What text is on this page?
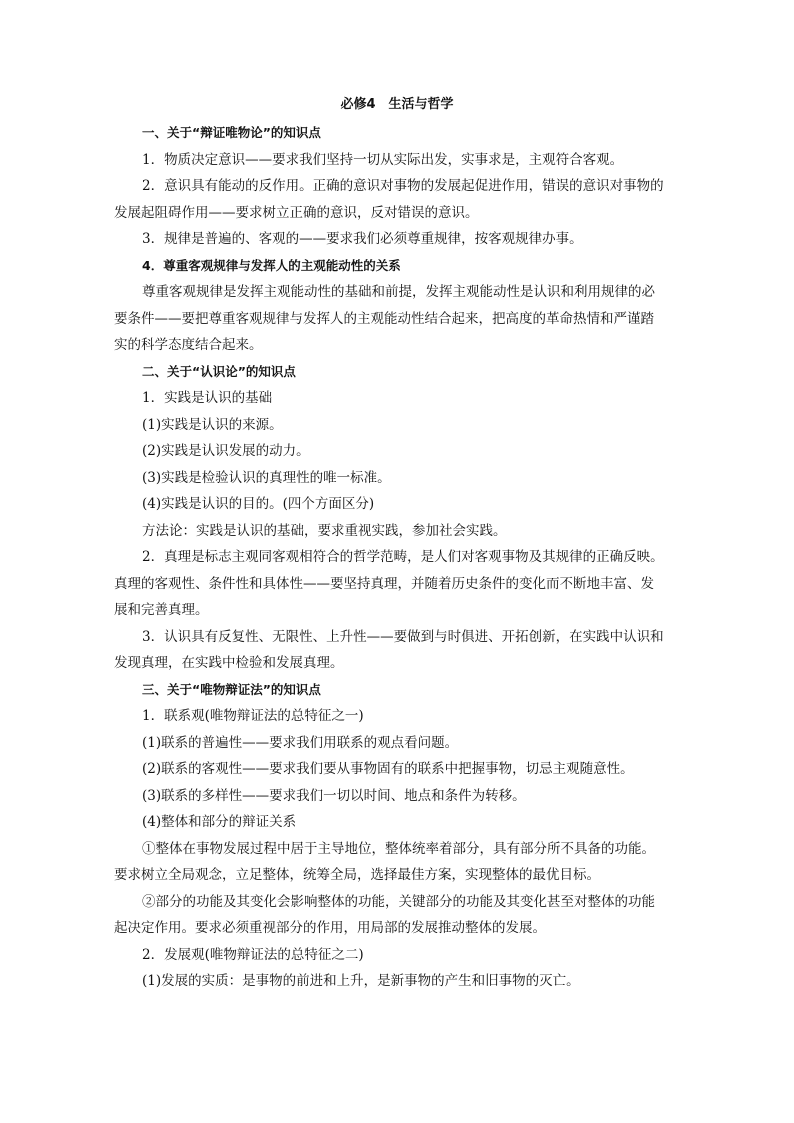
必修4　生活与哲学
一、关于“辩证唯物论”的知识点
1．物质决定意识——要求我们坚持一切从实际出发，实事求是，主观符合客观。
2．意识具有能动的反作用。正确的意识对事物的发展起促进作用，错误的意识对事物的
发展起阻碍作用——要求树立正确的意识，反对错误的意识。
3．规律是普遍的、客观的——要求我们必须尊重规律，按客观规律办事。
4．尊重客观规律与发挥人的主观能动性的关系
尊重客观规律是发挥主观能动性的基础和前提，发挥主观能动性是认识和利用规律的必
要条件——要把尊重客观规律与发挥人的主观能动性结合起来，把高度的革命热情和严谨踏
实的科学态度结合起来。
二、关于“认识论”的知识点
1．实践是认识的基础
(1)实践是认识的来源。
(2)实践是认识发展的动力。
(3)实践是检验认识的真理性的唯一标准。
(4)实践是认识的目的。(四个方面区分)
方法论：实践是认识的基础，要求重视实践，参加社会实践。
2．真理是标志主观同客观相符合的哲学范畴，是人们对客观事物及其规律的正确反映。
真理的客观性、条件性和具体性——要坚持真理，并随着历史条件的变化而不断地丰富、发
展和完善真理。
3．认识具有反复性、无限性、上升性——要做到与时俱进、开拓创新，在实践中认识和
发现真理，在实践中检验和发展真理。
三、关于“唯物辩证法”的知识点
1．联系观(唯物辩证法的总特征之一)
(1)联系的普遍性——要求我们用联系的观点看问题。
(2)联系的客观性——要求我们要从事物固有的联系中把握事物，切忌主观随意性。
(3)联系的多样性——要求我们一切以时间、地点和条件为转移。
(4)整体和部分的辩证关系
①整体在事物发展过程中居于主导地位，整体统率着部分，具有部分所不具备的功能。
要求树立全局观念，立足整体，统筹全局，选择最佳方案，实现整体的最优目标。
②部分的功能及其变化会影响整体的功能，关键部分的功能及其变化甚至对整体的功能
起决定作用。要求必须重视部分的作用，用局部的发展推动整体的发展。
2．发展观(唯物辩证法的总特征之二)
(1)发展的实质：是事物的前进和上升，是新事物的产生和旧事物的灭亡。
